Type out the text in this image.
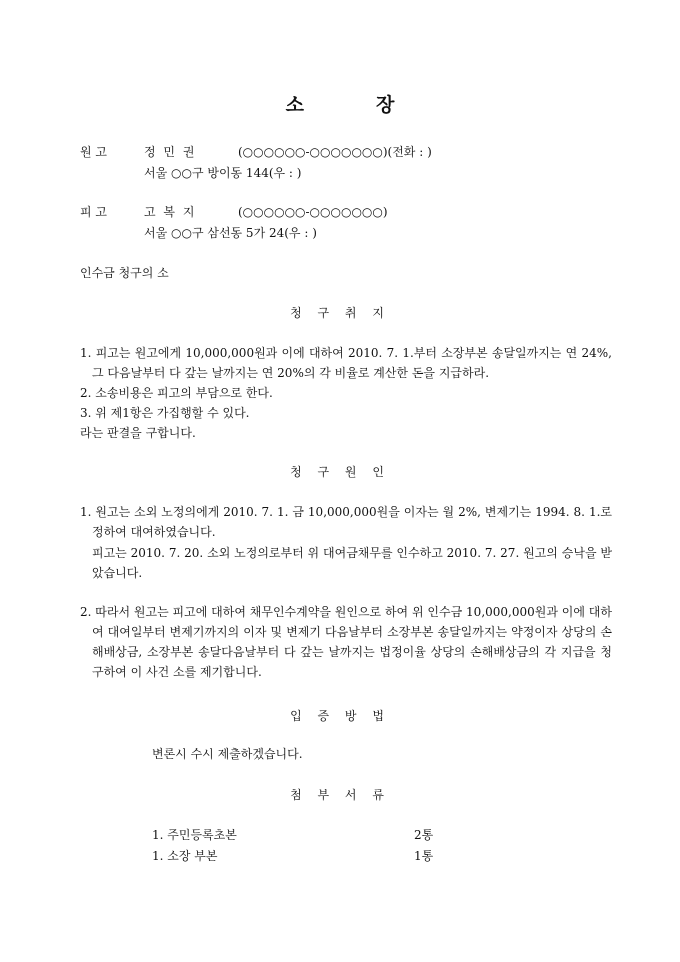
소	장
원 고	정 민 권	(○○○○○○-○○○○○○○)(전화 : )
서울 ○○구 방이동 144(우 : )
피 고	고 복 지	(○○○○○○-○○○○○○○)
서울 ○○구 삼선동 5가 24(우 : )
인수금 청구의 소
청 구 취 지
1. 피고는 원고에게 10,000,000원과 이에 대하여 2010. 7. 1.부터 소장부본 송달일까지는 연 24%, 그 다음날부터 다 갚는 날까지는 연 20%의 각 비율로 계산한 돈을 지급하라.
2. 소송비용은 피고의 부담으로 한다.
3. 위 제1항은 가집행할 수 있다.
라는 판결을 구합니다.
청 구 원 인
1. 원고는 소외 노정의에게 2010. 7. 1. 금 10,000,000원을 이자는 월 2%, 변제기는 1994. 8. 1.로 정하여 대여하였습니다.
피고는 2010. 7. 20. 소외 노정의로부터 위 대여금채무를 인수하고 2010. 7. 27. 원고의 승낙을 받았습니다.
2. 따라서 원고는 피고에 대하여 채무인수계약을 원인으로 하여 위 인수금 10,000,000원과 이에 대하여 대여일부터 변제기까지의 이자 및 변제기 다음날부터 소장부본 송달일까지는 약정이자 상당의 손해배상금, 소장부본 송달다음날부터 다 갚는 날까지는 법정이율 상당의 손해배상금의 각 지급을 청구하여 이 사건 소를 제기합니다.
입 증 방 법
변론시 수시 제출하겠습니다.
첨 부 서 류
1. 주민등록초본	2통
1. 소장 부본	1통
